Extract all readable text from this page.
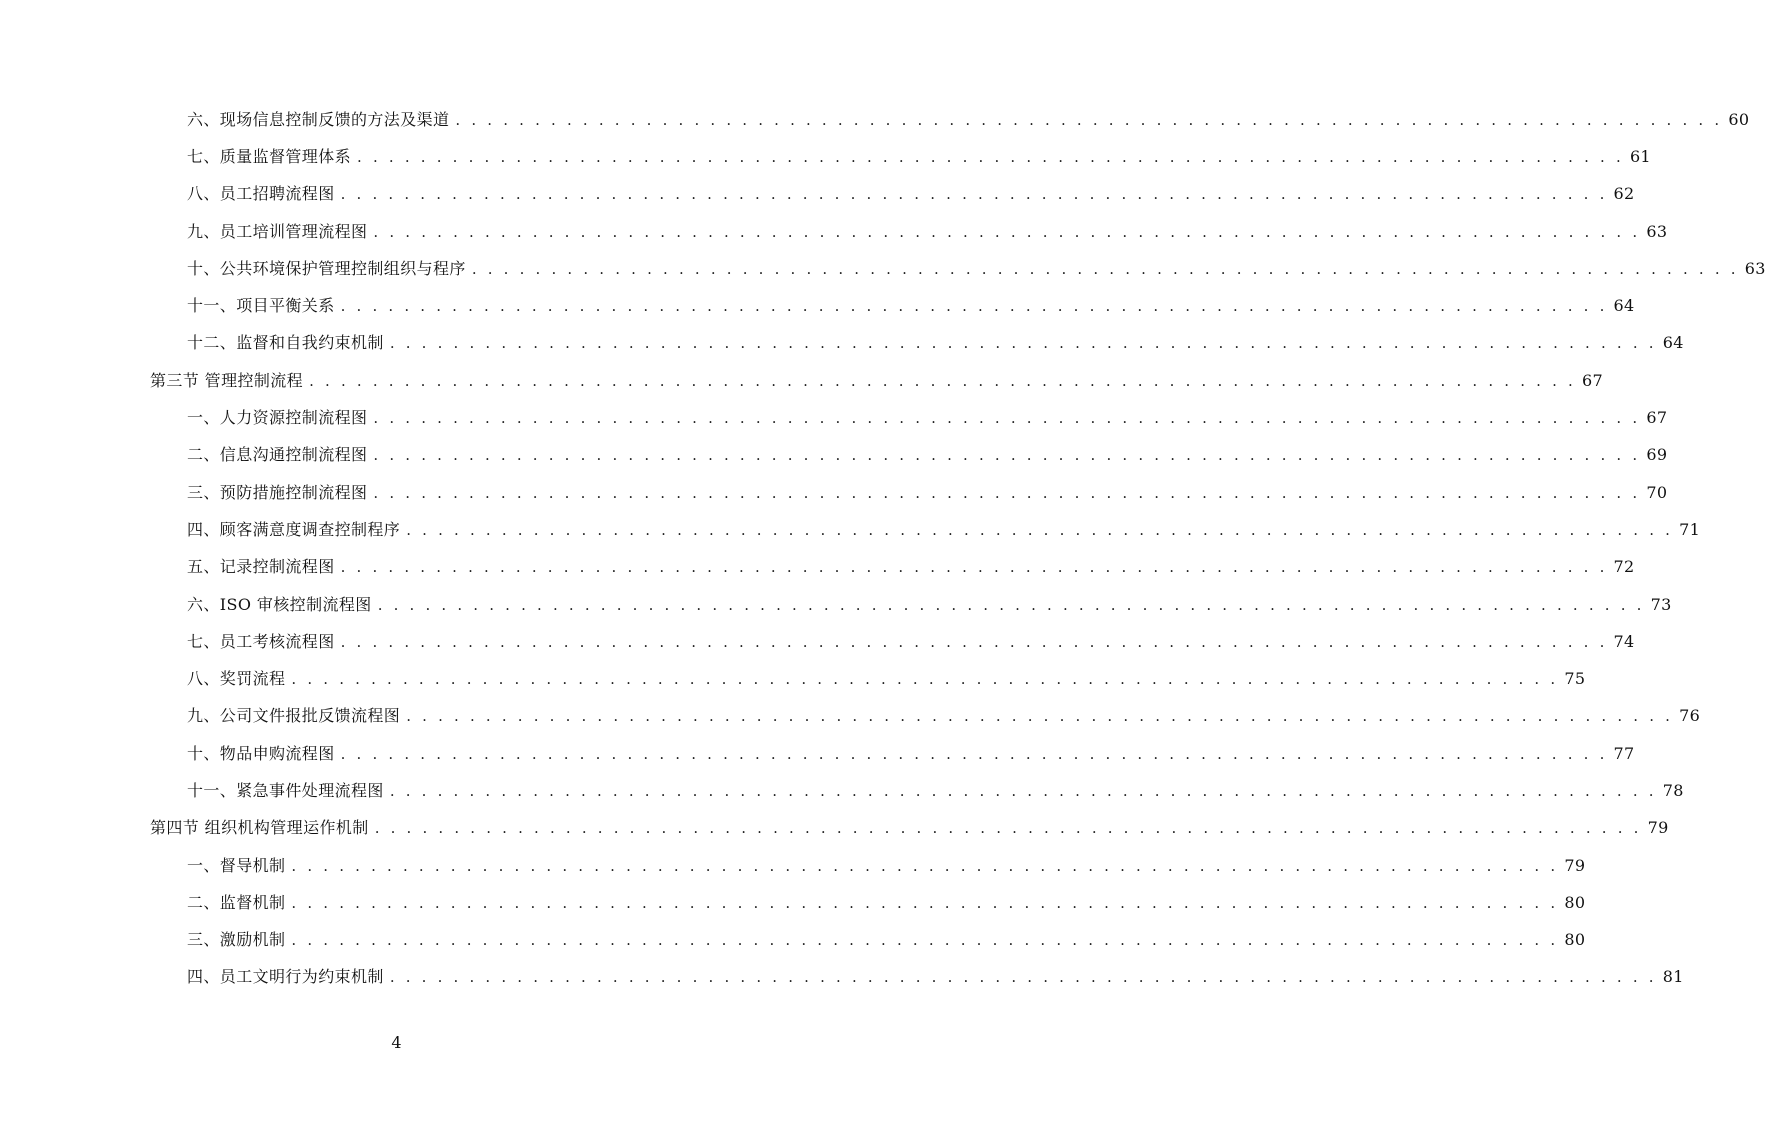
六、现场信息控制反馈的方法及渠道 . . . . . . . . . . . . . . . . . . . . . . . . . . . . . . . . . . . . . . . . . . . . . . . . . . . . . . . . . . . . . . . . . . . . . . . . . . . . . . . . 60
七、质量监督管理体系 . . . . . . . . . . . . . . . . . . . . . . . . . . . . . . . . . . . . . . . . . . . . . . . . . . . . . . . . . . . . . . . . . . . . . . . . . . . . . . . . 61
八、员工招聘流程图 . . . . . . . . . . . . . . . . . . . . . . . . . . . . . . . . . . . . . . . . . . . . . . . . . . . . . . . . . . . . . . . . . . . . . . . . . . . . . . . . 62
九、员工培训管理流程图 . . . . . . . . . . . . . . . . . . . . . . . . . . . . . . . . . . . . . . . . . . . . . . . . . . . . . . . . . . . . . . . . . . . . . . . . . . . . . . . . 63
十、公共环境保护管理控制组织与程序 . . . . . . . . . . . . . . . . . . . . . . . . . . . . . . . . . . . . . . . . . . . . . . . . . . . . . . . . . . . . . . . . . . . . . . . . . . . . . . . . 63
十一、项目平衡关系 . . . . . . . . . . . . . . . . . . . . . . . . . . . . . . . . . . . . . . . . . . . . . . . . . . . . . . . . . . . . . . . . . . . . . . . . . . . . . . . . 64
十二、监督和自我约束机制 . . . . . . . . . . . . . . . . . . . . . . . . . . . . . . . . . . . . . . . . . . . . . . . . . . . . . . . . . . . . . . . . . . . . . . . . . . . . . . . . 64
第三节 管理控制流程 . . . . . . . . . . . . . . . . . . . . . . . . . . . . . . . . . . . . . . . . . . . . . . . . . . . . . . . . . . . . . . . . . . . . . . . . . . . . . . . . 67
一、人力资源控制流程图 . . . . . . . . . . . . . . . . . . . . . . . . . . . . . . . . . . . . . . . . . . . . . . . . . . . . . . . . . . . . . . . . . . . . . . . . . . . . . . . . 67
二、信息沟通控制流程图 . . . . . . . . . . . . . . . . . . . . . . . . . . . . . . . . . . . . . . . . . . . . . . . . . . . . . . . . . . . . . . . . . . . . . . . . . . . . . . . . 69
三、预防措施控制流程图 . . . . . . . . . . . . . . . . . . . . . . . . . . . . . . . . . . . . . . . . . . . . . . . . . . . . . . . . . . . . . . . . . . . . . . . . . . . . . . . . 70
四、顾客满意度调查控制程序 . . . . . . . . . . . . . . . . . . . . . . . . . . . . . . . . . . . . . . . . . . . . . . . . . . . . . . . . . . . . . . . . . . . . . . . . . . . . . . . . 71
五、记录控制流程图 . . . . . . . . . . . . . . . . . . . . . . . . . . . . . . . . . . . . . . . . . . . . . . . . . . . . . . . . . . . . . . . . . . . . . . . . . . . . . . . . 72
六、ISO 审核控制流程图 . . . . . . . . . . . . . . . . . . . . . . . . . . . . . . . . . . . . . . . . . . . . . . . . . . . . . . . . . . . . . . . . . . . . . . . . . . . . . . . . 73
七、员工考核流程图 . . . . . . . . . . . . . . . . . . . . . . . . . . . . . . . . . . . . . . . . . . . . . . . . . . . . . . . . . . . . . . . . . . . . . . . . . . . . . . . . 74
八、奖罚流程 . . . . . . . . . . . . . . . . . . . . . . . . . . . . . . . . . . . . . . . . . . . . . . . . . . . . . . . . . . . . . . . . . . . . . . . . . . . . . . . . 75
九、公司文件报批反馈流程图 . . . . . . . . . . . . . . . . . . . . . . . . . . . . . . . . . . . . . . . . . . . . . . . . . . . . . . . . . . . . . . . . . . . . . . . . . . . . . . . . 76
十、物品申购流程图 . . . . . . . . . . . . . . . . . . . . . . . . . . . . . . . . . . . . . . . . . . . . . . . . . . . . . . . . . . . . . . . . . . . . . . . . . . . . . . . . 77
十一、紧急事件处理流程图 . . . . . . . . . . . . . . . . . . . . . . . . . . . . . . . . . . . . . . . . . . . . . . . . . . . . . . . . . . . . . . . . . . . . . . . . . . . . . . . . 78
第四节 组织机构管理运作机制 . . . . . . . . . . . . . . . . . . . . . . . . . . . . . . . . . . . . . . . . . . . . . . . . . . . . . . . . . . . . . . . . . . . . . . . . . . . . . . . . 79
一、督导机制 . . . . . . . . . . . . . . . . . . . . . . . . . . . . . . . . . . . . . . . . . . . . . . . . . . . . . . . . . . . . . . . . . . . . . . . . . . . . . . . . 79
二、监督机制 . . . . . . . . . . . . . . . . . . . . . . . . . . . . . . . . . . . . . . . . . . . . . . . . . . . . . . . . . . . . . . . . . . . . . . . . . . . . . . . . 80
三、激励机制 . . . . . . . . . . . . . . . . . . . . . . . . . . . . . . . . . . . . . . . . . . . . . . . . . . . . . . . . . . . . . . . . . . . . . . . . . . . . . . . . 80
四、员工文明行为约束机制 . . . . . . . . . . . . . . . . . . . . . . . . . . . . . . . . . . . . . . . . . . . . . . . . . . . . . . . . . . . . . . . . . . . . . . . . . . . . . . . . 81
4
